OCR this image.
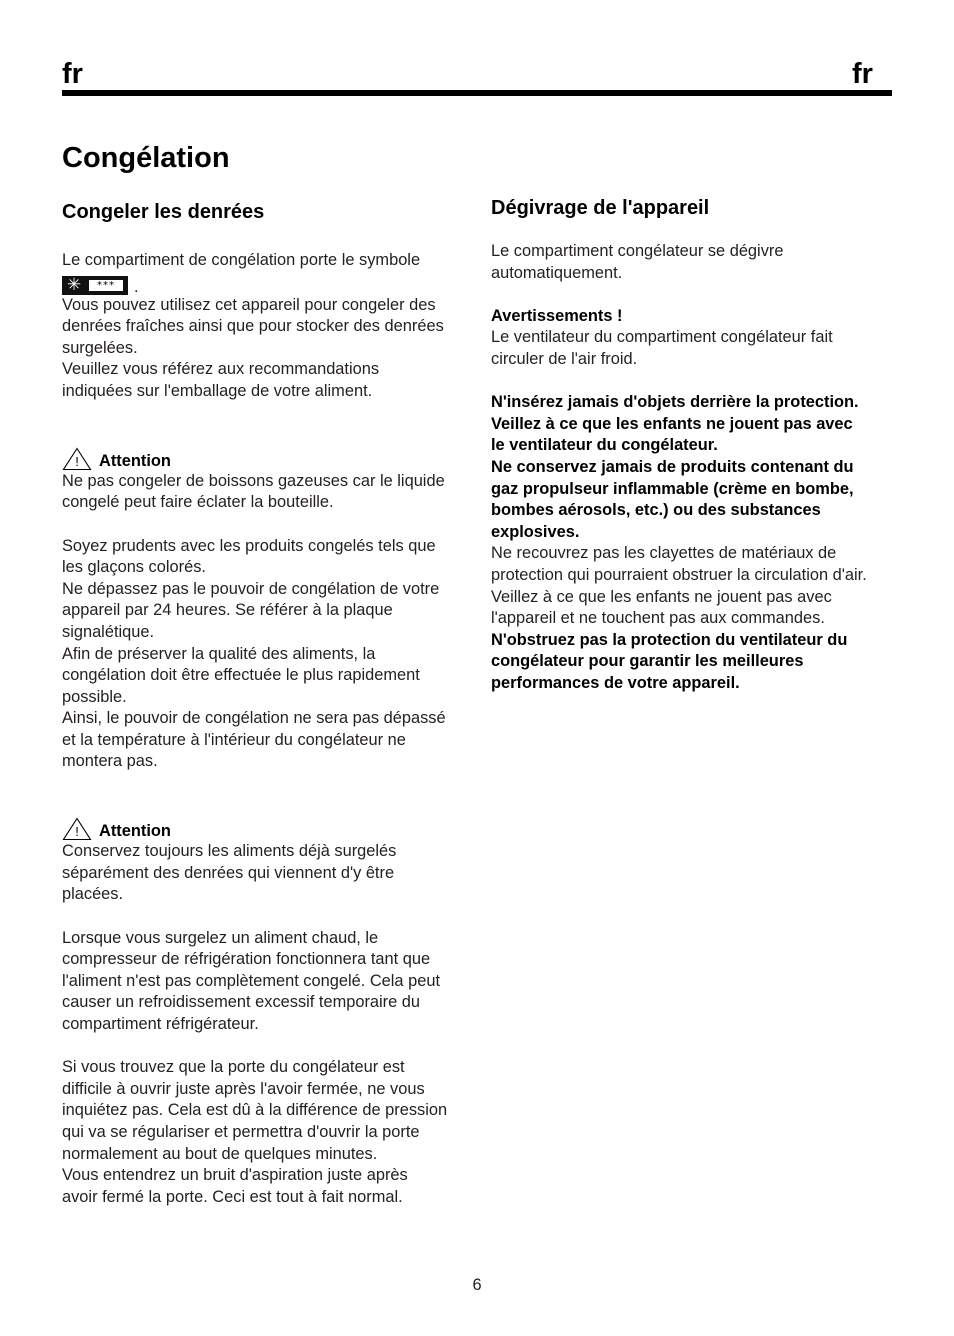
fr	fr
Congélation
Congeler les denrées
Le compartiment de congélation porte le symbole
✳	***	.
Vous pouvez utilisez cet appareil pour congeler des
denrées fraîches ainsi que pour stocker des denrées
surgelées.
Veuillez vous référez aux recommandations
indiquées sur l'emballage de votre aliment.
! Attention
Ne pas congeler de boissons gazeuses car le liquide
congelé peut faire éclater la bouteille.
Soyez prudents avec les produits congelés tels que
les glaçons colorés.
Ne dépassez pas le pouvoir de congélation de votre
appareil par 24 heures. Se référer à la plaque
signalétique.
Afin de préserver la qualité des aliments, la
congélation doit être effectuée le plus rapidement
possible.
Ainsi, le pouvoir de congélation ne sera pas dépassé
et la température à l'intérieur du congélateur ne
montera pas.
! Attention
Conservez toujours les aliments déjà surgelés
séparément des denrées qui viennent d'y être
placées.
Lorsque vous surgelez un aliment chaud, le
compresseur de réfrigération fonctionnera tant que
l'aliment n'est pas complètement congelé. Cela peut
causer un refroidissement excessif temporaire du
compartiment réfrigérateur.
Si vous trouvez que la porte du congélateur est
difficile à ouvrir juste après l'avoir fermée, ne vous
inquiétez pas. Cela est dû à la différence de pression
qui va se régulariser et permettra d'ouvrir la porte
normalement au bout de quelques minutes.
Vous entendrez un bruit d'aspiration juste après
avoir fermé la porte. Ceci est tout à fait normal.
Dégivrage de l'appareil
Le compartiment congélateur se dégivre
automatiquement.
Avertissements !
Le ventilateur du compartiment congélateur fait
circuler de l'air froid.
N'insérez jamais d'objets derrière la protection.
Veillez à ce que les enfants ne jouent pas avec
le ventilateur du congélateur.
Ne conservez jamais de produits contenant du
gaz propulseur inflammable (crème en bombe,
bombes aérosols, etc.) ou des substances
explosives.
Ne recouvrez pas les clayettes de matériaux de
protection qui pourraient obstruer la circulation d'air.
Veillez à ce que les enfants ne jouent pas avec
l'appareil et ne touchent pas aux commandes.
N'obstruez pas la protection du ventilateur du
congélateur pour garantir les meilleures
performances de votre appareil.
6
